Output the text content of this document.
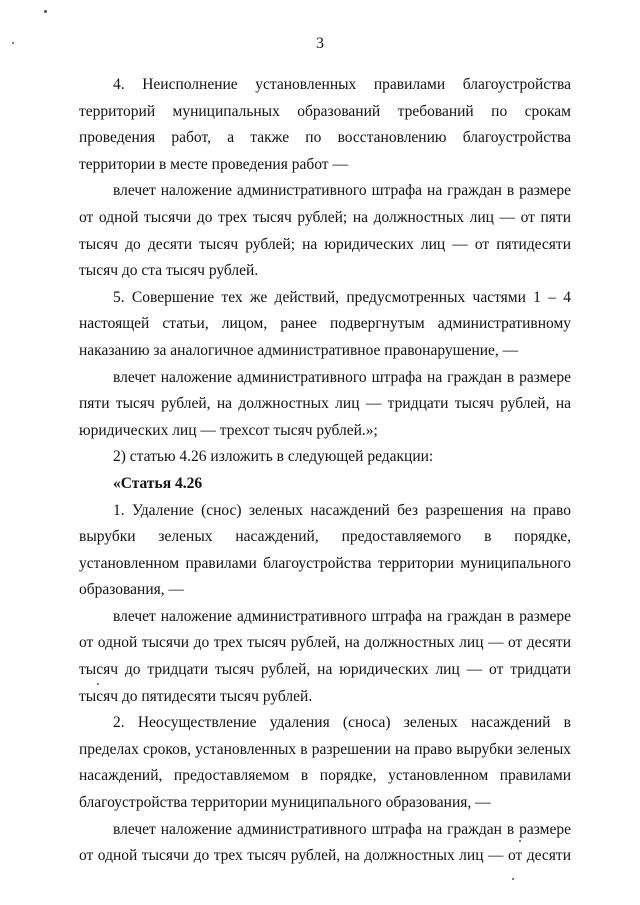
3

4. Неисполнение установленных правилами благоустройства территорий муниципальных образований требований по срокам проведения работ, а также по восстановлению благоустройства территории в месте проведения работ —

влечет наложение административного штрафа на граждан в размере от одной тысячи до трех тысяч рублей; на должностных лиц — от пяти тысяч до десяти тысяч рублей; на юридических лиц — от пятидесяти тысяч до ста тысяч рублей.

5. Совершение тех же действий, предусмотренных частями 1 – 4 настоящей статьи, лицом, ранее подвергнутым административному наказанию за аналогичное административное правонарушение, —

влечет наложение административного штрафа на граждан в размере пяти тысяч рублей, на должностных лиц — тридцати тысяч рублей, на юридических лиц — трехсот тысяч рублей.»;

2) статью 4.26 изложить в следующей редакции:

«Статья 4.26

1. Удаление (снос) зеленых насаждений без разрешения на право вырубки зеленых насаждений, предоставляемого в порядке, установленном правилами благоустройства территории муниципального образования, —

влечет наложение административного штрафа на граждан в размере от одной тысячи до трех тысяч рублей, на должностных лиц — от десяти тысяч до тридцати тысяч рублей, на юридических лиц — от тридцати тысяч до пятидесяти тысяч рублей.

2. Неосуществление удаления (сноса) зеленых насаждений в пределах сроков, установленных в разрешении на право вырубки зеленых насаждений, предоставляемом в порядке, установленном правилами благоустройства территории муниципального образования, —

влечет наложение административного штрафа на граждан в размере от одной тысячи до трех тысяч рублей, на должностных лиц — от десяти
